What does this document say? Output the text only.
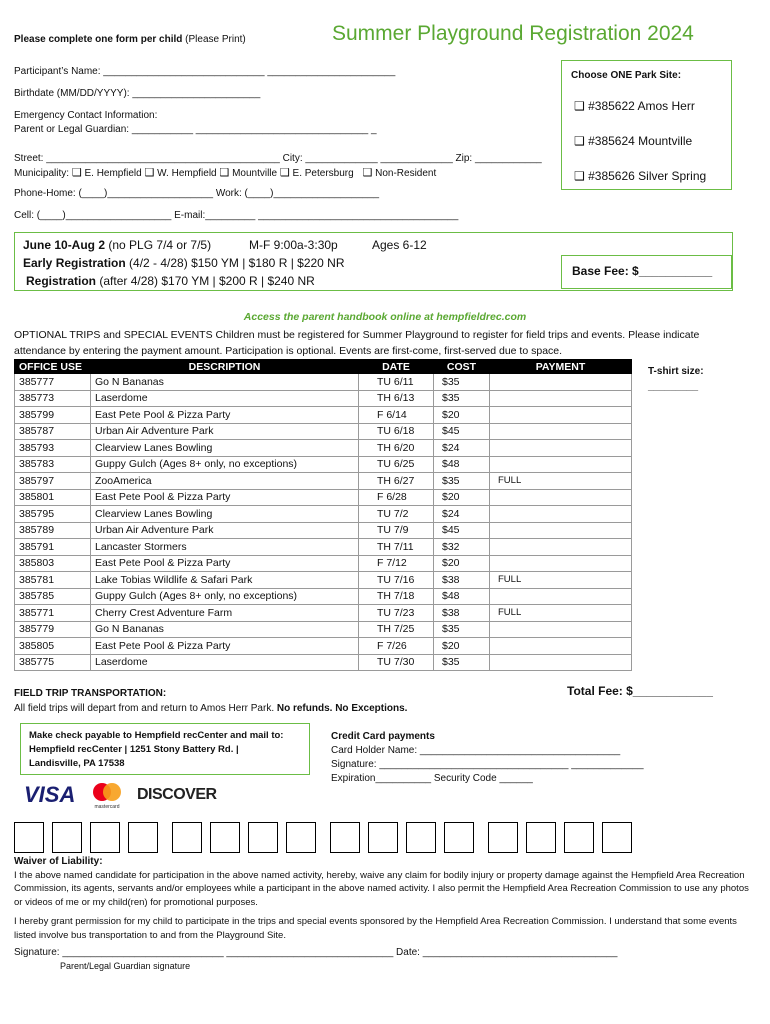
Please complete one form per child (Please Print)	Summer Playground Registration 2024
Participant’s Name: _____________________________ _______________________
Birthdate (MM/DD/YYYY): _______________________
Emergency Contact Information:
Parent or Legal Guardian: ___________ _______________________________ _
Street: __________________________________________ City: _____________ _____________ Zip: ____________
Municipality: ❑ E. Hempfield ❑ W. Hempfield ❑ Mountville ❑ E. Petersburg ❑ Non-Resident
Phone-Home: (____)___________________ Work: (____)___________________
Cell: (____)___________________ E-mail:_________ ____________________________________
Choose ONE Park Site:
❑ #385622 Amos Herr
❑ #385624 Mountville
❑ #385626 Silver Spring
June 10-Aug 2 (no PLG 7/4 or 7/5)	M-F 9:00a-3:30p	Ages 6-12
Early Registration (4/2 - 4/28) $150 YM | $180 R | $220 NR
Registration (after 4/28) $170 YM | $200 R | $240 NR
Base Fee: $___________
Access the parent handbook online at hempfieldrec.com
OPTIONAL TRIPS and SPECIAL EVENTS Children must be registered for Summer Playground to register for field trips and events. Please indicate attendance by entering the payment amount. Participation is optional. Events are first-come, first-served due to space.
OFFICE USE	DESCRIPTION	DATE	COST	PAYMENT
385777	Go N Bananas	TU 6/11	$35	
385773	Laserdome	TH 6/13	$35	
385799	East Pete Pool & Pizza Party	F 6/14	$20	
385787	Urban Air Adventure Park	TU 6/18	$45	
385793	Clearview Lanes Bowling	TH 6/20	$24	
385783	Guppy Gulch (Ages 8+ only, no exceptions)	TU 6/25	$48	
385797	ZooAmerica	TH 6/27	$35	FULL
385801	East Pete Pool & Pizza Party	F 6/28	$20	
385795	Clearview Lanes Bowling	TU 7/2	$24	
385789	Urban Air Adventure Park	TU 7/9	$45	
385791	Lancaster Stormers	TH 7/11	$32	
385803	East Pete Pool & Pizza Party	F 7/12	$20	
385781	Lake Tobias Wildlife & Safari Park	TU 7/16	$38	FULL
385785	Guppy Gulch (Ages 8+ only, no exceptions)	TH 7/18	$48	
385771	Cherry Crest Adventure Farm	TU 7/23	$38	FULL
385779	Go N Bananas	TH 7/25	$35	
385805	East Pete Pool & Pizza Party	F 7/26	$20	
385775	Laserdome	TU 7/30	$35	
T-shirt size:
_________
Total Fee: $____________
FIELD TRIP TRANSPORTATION:
All field trips will depart from and return to Amos Herr Park. No refunds. No Exceptions.
Make check payable to Hempfield recCenter and mail to:
Hempfield recCenter | 1251 Stony Battery Rd. |
Landisville, PA 17538
Credit Card payments
Card Holder Name: ____________________________________
Signature: __________________________________ _____________
Expiration__________ Security Code ______
VISA	mastercard
DISCOVER
Waiver of Liability:
I the above named candidate for participation in the above named activity, hereby, waive any claim for bodily injury or property damage against the Hempfield Area Recreation Commission, its agents, servants and/or employees while a participant in the above named activity. I also permit the Hempfield Area Recreation Commission to use any photos or videos of me or my child(ren) for promotional purposes.
I hereby grant permission for my child to participate in the trips and special events sponsored by the Hempfield Area Recreation Commission. I understand that some events listed involve bus transportation to and from the Playground Site.
Signature: _____________________________ ______________________________ Date: ___________________________________
Parent/Legal Guardian signature
